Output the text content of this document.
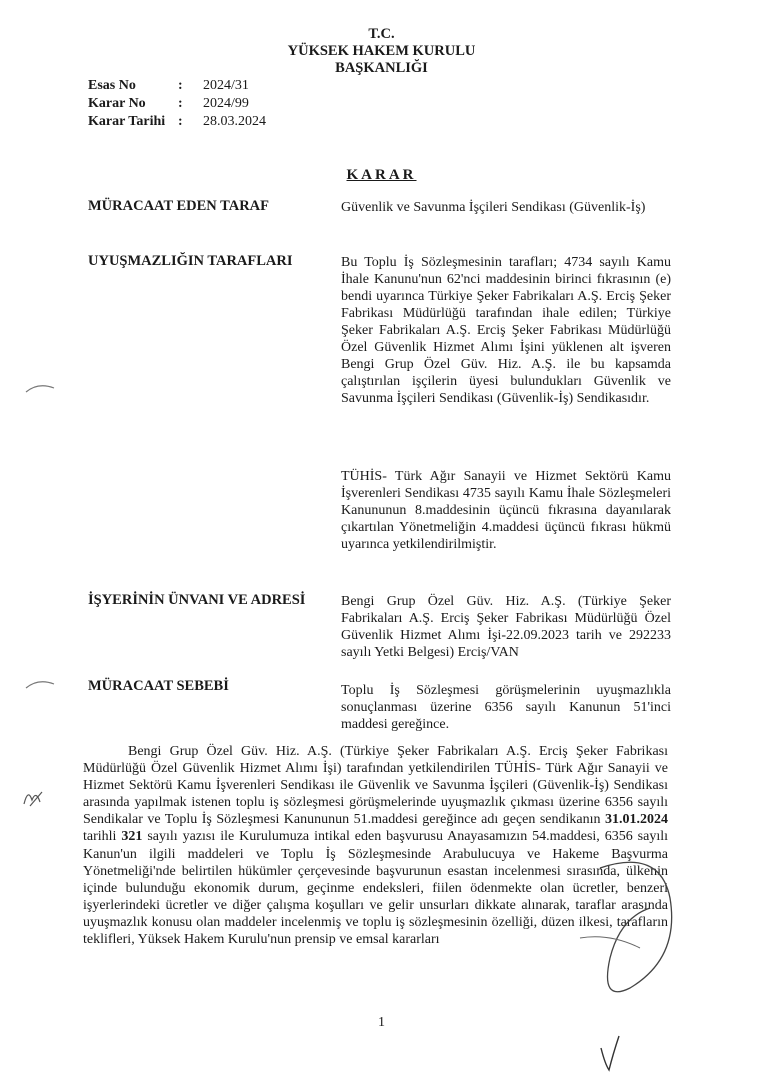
T.C.
YÜKSEK HAKEM KURULU
BAŞKANLIĞI
Esas No	:	2024/31
Karar No	:	2024/99
Karar Tarihi :	28.03.2024
KARAR
MÜRACAAT EDEN TARAF	Güvenlik ve Savunma İşçileri Sendikası (Güvenlik-İş)
UYUŞMAZLIĞIN TARAFLARI	Bu Toplu İş Sözleşmesinin tarafları; 4734 sayılı Kamu İhale Kanunu'nun 62'nci maddesinin birinci fıkrasının (e) bendi uyarınca Türkiye Şeker Fabrikaları A.Ş. Erciş Şeker Fabrikası Müdürlüğü tarafından ihale edilen; Türkiye Şeker Fabrikaları A.Ş. Erciş Şeker Fabrikası Müdürlüğü Özel Güvenlik Hizmet Alımı İşini yüklenen alt işveren Bengi Grup Özel Güv. Hiz. A.Ş. ile bu kapsamda çalıştırılan işçilerin üyesi bulundukları Güvenlik ve Savunma İşçileri Sendikası (Güvenlik-İş) Sendikasıdır.
TÜHİS- Türk Ağır Sanayii ve Hizmet Sektörü Kamu İşverenleri Sendikası 4735 sayılı Kamu İhale Sözleşmeleri Kanununun 8.maddesinin üçüncü fıkrasına dayanılarak çıkartılan Yönetmeliğin 4.maddesi üçüncü fıkrası hükmü uyarınca yetkilendirilmiştir.
İŞYERİNİN ÜNVANI VE ADRESİ	Bengi Grup Özel Güv. Hiz. A.Ş. (Türkiye Şeker Fabrikaları A.Ş. Erciş Şeker Fabrikası Müdürlüğü Özel Güvenlik Hizmet Alımı İşi-22.09.2023 tarih ve 292233 sayılı Yetki Belgesi) Erciş/VAN
MÜRACAAT SEBEBİ	Toplu İş Sözleşmesi görüşmelerinin uyuşmazlıkla sonuçlanması üzerine 6356 sayılı Kanunun 51'inci maddesi gereğince.
Bengi Grup Özel Güv. Hiz. A.Ş. (Türkiye Şeker Fabrikaları A.Ş. Erciş Şeker Fabrikası Müdürlüğü Özel Güvenlik Hizmet Alımı İşi) tarafından yetkilendirilen TÜHİS- Türk Ağır Sanayii ve Hizmet Sektörü Kamu İşverenleri Sendikası ile Güvenlik ve Savunma İşçileri (Güvenlik-İş) Sendikası arasında yapılmak istenen toplu iş sözleşmesi görüşmelerinde uyuşmazlık çıkması üzerine 6356 sayılı Sendikalar ve Toplu İş Sözleşmesi Kanununun 51.maddesi gereğince adı geçen sendikanın 31.01.2024 tarihli 321 sayılı yazısı ile Kurulumuza intikal eden başvurusu Anayasamızın 54.maddesi, 6356 sayılı Kanun'un ilgili maddeleri ve Toplu İş Sözleşmesinde Arabulucuya ve Hakeme Başvurma Yönetmeliği'nde belirtilen hükümler çerçevesinde başvurunun esastan incelenmesi sırasında, ülkenin içinde bulunduğu ekonomik durum, geçinme endeksleri, fiilen ödenmekte olan ücretler, benzeri işyerlerindeki ücretler ve diğer çalışma koşulları ve gelir unsurları dikkate alınarak, taraflar arasında uyuşmazlık konusu olan maddeler incelenmiş ve toplu iş sözleşmesinin özelliği, düzen ilkesi, tarafların teklifleri, Yüksek Hakem Kurulu'nun prensip ve emsal kararları
1
